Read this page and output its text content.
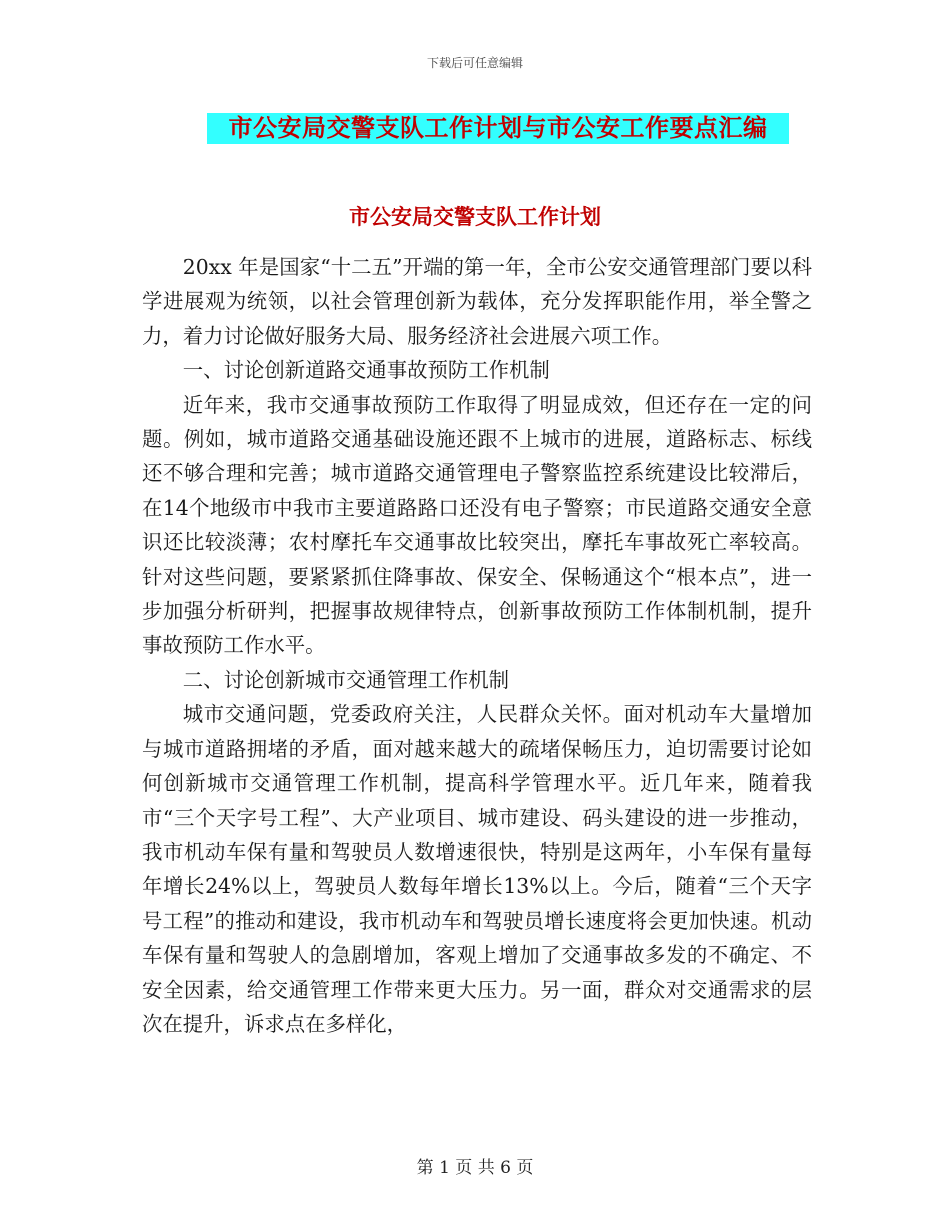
下载后可任意编辑
市公安局交警支队工作计划与市公安工作要点汇编
市公安局交警支队工作计划

20xx 年是国家“十二五”开端的第一年，全市公安交通管理部门要以科学进展观为统领，以社会管理创新为载体，充分发挥职能作用，举全警之力，着力讨论做好服务大局、服务经济社会进展六项工作。

一、讨论创新道路交通事故预防工作机制

近年来，我市交通事故预防工作取得了明显成效，但还存在一定的问题。例如，城市道路交通基础设施还跟不上城市的进展，道路标志、标线还不够合理和完善；城市道路交通管理电子警察监控系统建设比较滞后，在14个地级市中我市主要道路路口还没有电子警察；市民道路交通安全意识还比较淡薄；农村摩托车交通事故比较突出，摩托车事故死亡率较高。针对这些问题，要紧紧抓住降事故、保安全、保畅通这个“根本点”，进一步加强分析研判，把握事故规律特点，创新事故预防工作体制机制，提升事故预防工作水平。

二、讨论创新城市交通管理工作机制

城市交通问题，党委政府关注，人民群众关怀。面对机动车大量增加与城市道路拥堵的矛盾，面对越来越大的疏堵保畅压力，迫切需要讨论如何创新城市交通管理工作机制，提高科学管理水平。近几年来，随着我市“三个天字号工程”、大产业项目、城市建设、码头建设的进一步推动，我市机动车保有量和驾驶员人数增速很快，特别是这两年，小车保有量每年增长24%以上，驾驶员人数每年增长13%以上。今后，随着“三个天字号工程”的推动和建设，我市机动车和驾驶员增长速度将会更加快速。机动车保有量和驾驶人的急剧增加，客观上增加了交通事故多发的不确定、不安全因素，给交通管理工作带来更大压力。另一面，群众对交通需求的层次在提升，诉求点在多样化，

第 1 页 共 6 页
